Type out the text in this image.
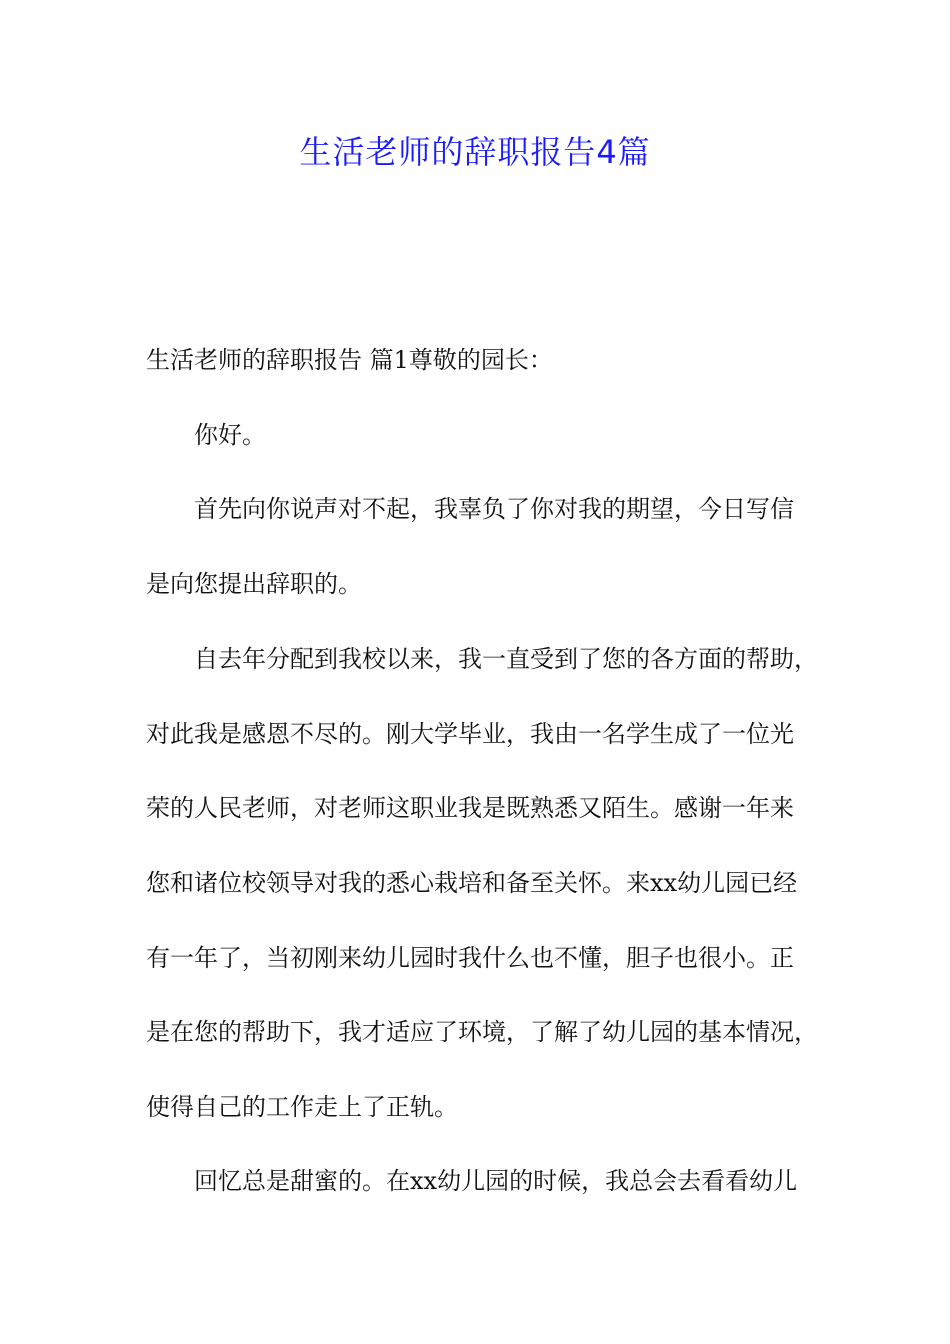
生活老师的辞职报告4篇

生活老师的辞职报告 篇1尊敬的园长：

你好。

首先向你说声对不起，我辜负了你对我的期望，今日写信

是向您提出辞职的。

自去年分配到我校以来，我一直受到了您的各方面的帮助，

对此我是感恩不尽的。刚大学毕业，我由一名学生成了一位光

荣的人民老师，对老师这职业我是既熟悉又陌生。感谢一年来

您和诸位校领导对我的悉心栽培和备至关怀。来xx幼儿园已经

有一年了，当初刚来幼儿园时我什么也不懂，胆子也很小。正

是在您的帮助下，我才适应了环境，了解了幼儿园的基本情况，

使得自己的工作走上了正轨。

回忆总是甜蜜的。在xx幼儿园的时候，我总会去看看幼儿
